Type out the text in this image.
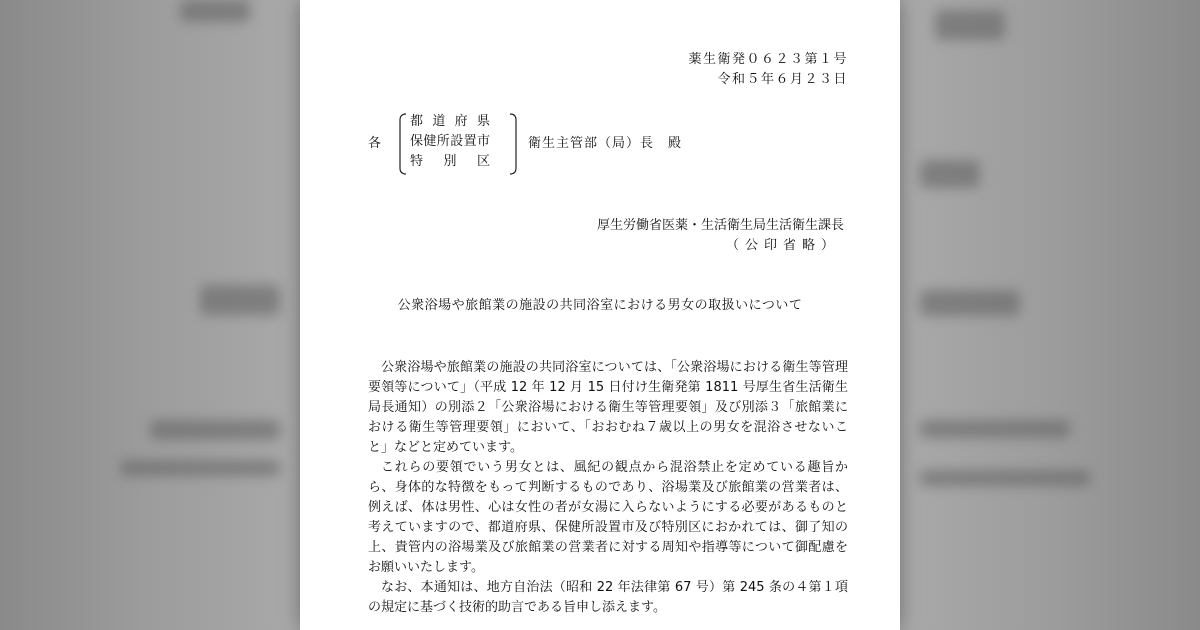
薬生衛発０６２３第１号
令和５年６月２３日
各
都道府県
保健所設置市
特別区
衛生主管部（局）長　殿
厚生労働省医薬・生活衛生局生活衛生課長
（公印省略）
公衆浴場や旅館業の施設の共同浴室における男女の取扱いについて

公衆浴場や旅館業の施設の共同浴室については、「公衆浴場における衛生等管理要領等について」（平成 12 年 12 月 15 日付け生衛発第 1811 号厚生省生活衛生局長通知）の別添２「公衆浴場における衛生等管理要領」及び別添３「旅館業における衛生等管理要領」において、「おおむね７歳以上の男女を混浴させないこと」などと定めています。

これらの要領でいう男女とは、風紀の観点から混浴禁止を定めている趣旨から、身体的な特徴をもって判断するものであり、浴場業及び旅館業の営業者は、例えば、体は男性、心は女性の者が女湯に入らないようにする必要があるものと考えていますので、都道府県、保健所設置市及び特別区におかれては、御了知の上、貴管内の浴場業及び旅館業の営業者に対する周知や指導等について御配慮をお願いいたします。

なお、本通知は、地方自治法（昭和 22 年法律第 67 号）第 245 条の４第１項の規定に基づく技術的助言である旨申し添えます。
